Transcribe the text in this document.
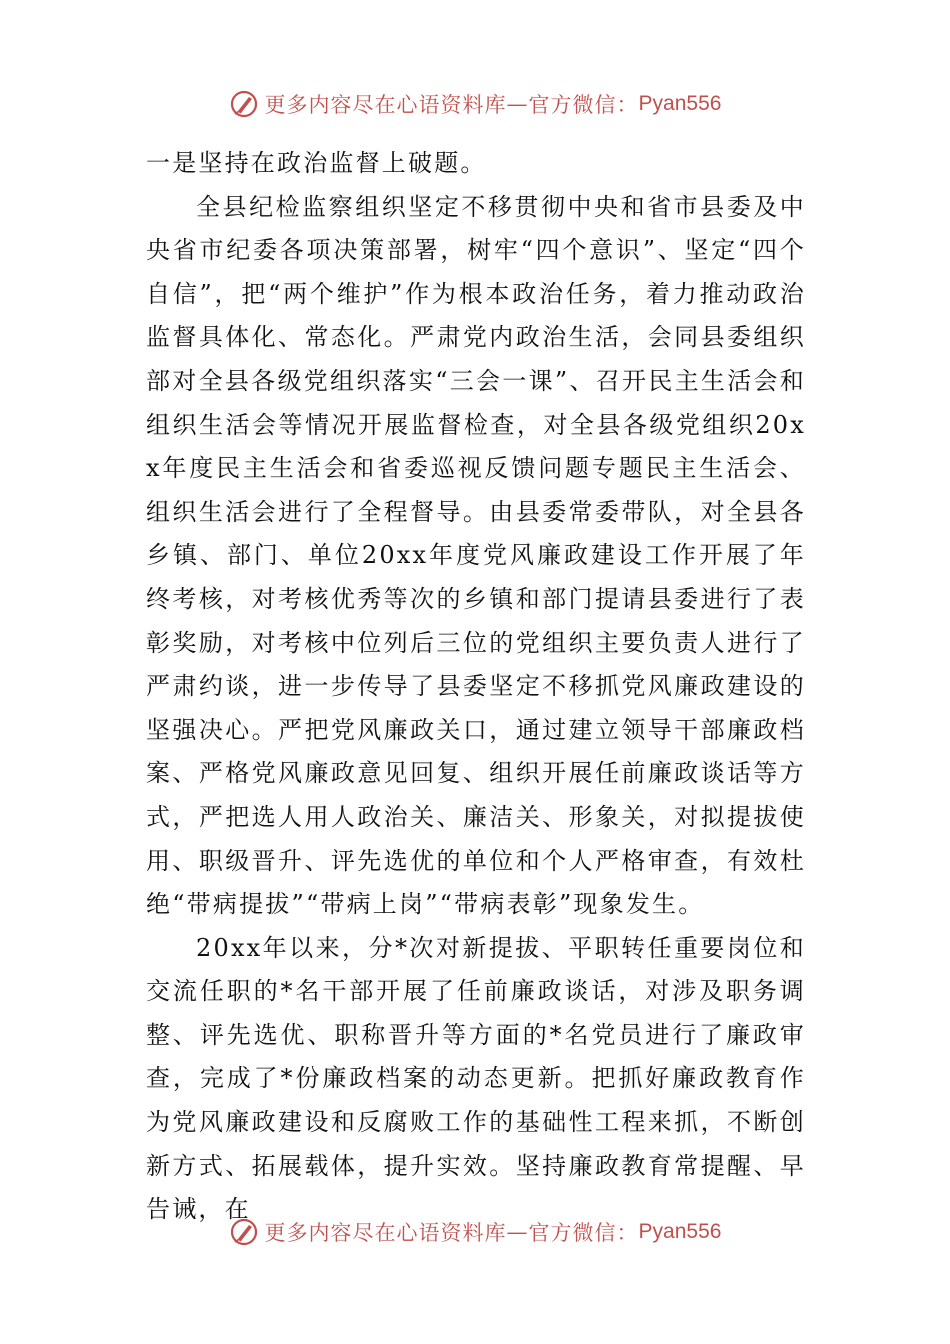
更多内容尽在心语资料库 — 官方微信： Pyan556

一是坚持在政治监督上破题。

全县纪检监察组织坚定不移贯彻中央和省市县委及中央省市纪委各项决策部署，树牢“四个意识”、坚定“四个自信”，把“两个维护”作为根本政治任务，着力推动政治监督具体化、常态化。严肃党内政治生活，会同县委组织部对全县各级党组织落实“三会一课”、召开民主生活会和组织生活会等情况开展监督检查，对全县各级党组织20xx年度民主生活会和省委巡视反馈问题专题民主生活会、组织生活会进行了全程督导。由县委常委带队，对全县各乡镇、部门、单位20xx年度党风廉政建设工作开展了年终考核，对考核优秀等次的乡镇和部门提请县委进行了表彰奖励，对考核中位列后三位的党组织主要负责人进行了严肃约谈，进一步传导了县委坚定不移抓党风廉政建设的坚强决心。严把党风廉政关口，通过建立领导干部廉政档案、严格党风廉政意见回复、组织开展任前廉政谈话等方式，严把选人用人政治关、廉洁关、形象关，对拟提拔使用、职级晋升、评先选优的单位和个人严格审查，有效杜绝“带病提拔”“带病上岗”“带病表彰”现象发生。

20xx年以来，分*次对新提拔、平职转任重要岗位和交流任职的*名干部开展了任前廉政谈话，对涉及职务调整、评先选优、职称晋升等方面的*名党员进行了廉政审查，完成了*份廉政档案的动态更新。把抓好廉政教育作为党风廉政建设和反腐败工作的基础性工程来抓，不断创新方式、拓展载体，提升实效。坚持廉政教育常提醒、早告诫，在

更多内容尽在心语资料库 — 官方微信： Pyan556
